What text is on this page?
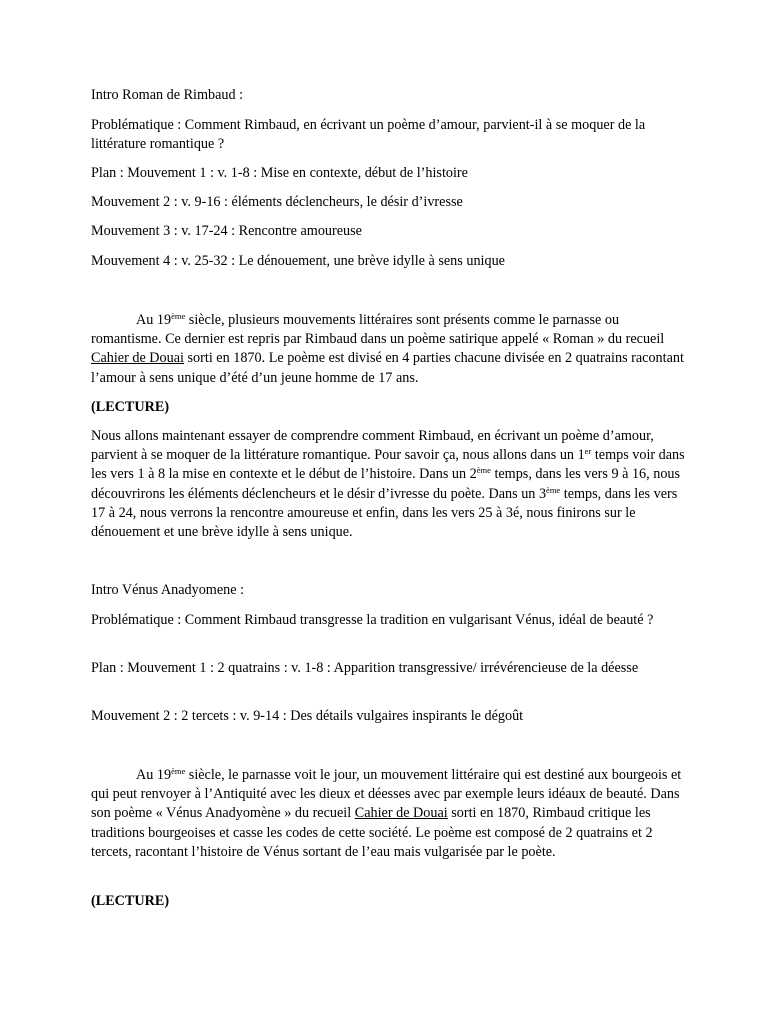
Intro Roman de Rimbaud :

Problématique : Comment Rimbaud, en écrivant un poème d’amour, parvient-il à se moquer de la littérature romantique ?

Plan : Mouvement 1 : v. 1-8 : Mise en contexte, début de l’histoire

Mouvement 2 : v. 9-16 : éléments déclencheurs, le désir d’ivresse

Mouvement 3 : v. 17-24 : Rencontre amoureuse

Mouvement 4 : v. 25-32 : Le dénouement, une brève idylle à sens unique

Au 19ème siècle, plusieurs mouvements littéraires sont présents comme le parnasse ou romantisme. Ce dernier est repris par Rimbaud dans un poème satirique appelé « Roman » du recueil Cahier de Douai sorti en 1870. Le poème est divisé en 4 parties chacune divisée en 2 quatrains racontant l’amour à sens unique d’été d’un jeune homme de 17 ans.

(LECTURE)

Nous allons maintenant essayer de comprendre comment Rimbaud, en écrivant un poème d’amour, parvient à se moquer de la littérature romantique. Pour savoir ça, nous allons dans un 1er temps voir dans les vers 1 à 8 la mise en contexte et le début de l’histoire. Dans un 2ème temps, dans les vers 9 à 16, nous découvrirons les éléments déclencheurs et le désir d’ivresse du poète. Dans un 3ème temps, dans les vers 17 à 24, nous verrons la rencontre amoureuse et enfin, dans les vers 25 à 3é, nous finirons sur le dénouement et une brève idylle à sens unique.

Intro Vénus Anadyomene :

Problématique : Comment Rimbaud transgresse la tradition en vulgarisant Vénus, idéal de beauté ?

Plan : Mouvement 1 : 2 quatrains : v. 1-8 : Apparition transgressive/ irrévérencieuse de la déesse

Mouvement 2 : 2 tercets : v. 9-14 : Des détails vulgaires inspirants le dégoût

Au 19ème siècle, le parnasse voit le jour, un mouvement littéraire qui est destiné aux bourgeois et qui peut renvoyer à l’Antiquité avec les dieux et déesses avec par exemple leurs idéaux de beauté. Dans son poème « Vénus Anadyomène » du recueil Cahier de Douai sorti en 1870, Rimbaud critique les traditions bourgeoises et casse les codes de cette société. Le poème est composé de 2 quatrains et 2 tercets, racontant l’histoire de Vénus sortant de l’eau mais vulgarisée par le poète.

(LECTURE)
